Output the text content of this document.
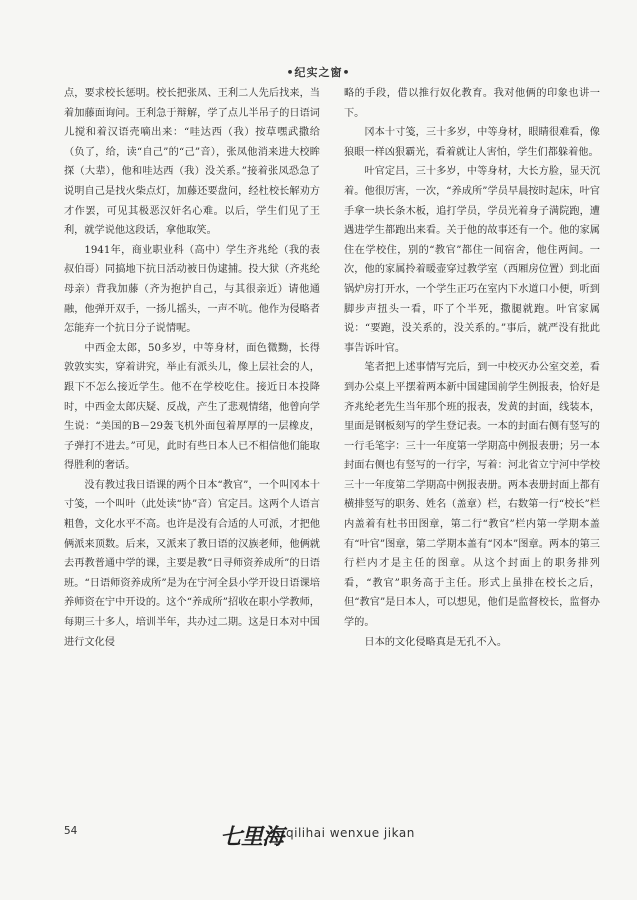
•纪实之窗•

点，要求校长惩明。校长把张凤、王利二人先后找来，当着加藤面询问。王利急于辩解，学了点儿半吊子的日语词儿搅和着汉语壳嘀出来：“哇达西（我）按草嘿武撒给（负了，给，读“自己”的“己”音），张凤他消来进大校眸探（大辈），他和哇达西（我）没关系。”接着张凤恐急了说明自己是找火柴点灯，加藤还要盘问，经杜校长解劝方才作罢，可见其极恶汉奸名心难。以后，学生们见了王利，就学说他这段话，拿他取笑。

1941年，商业职业科（高中）学生齐兆纶（我的表叔伯哥）同搞地下抗日活动被日伪逮捕。投大狱（齐兆纶母亲）背我加藤（齐为抱护自己，与其很亲近）请他通融，他弹开双手，一扬儿摇头，一声不吭。他作为侵略者怎能弃一个抗日分子说情呢。

中西金太郎，50多岁，中等身材，面色微黝，长得敦敦实实，穿着讲究，举止有派头儿，像上层社会的人，跟下不怎么接近学生。他不在学校吃住。接近日本投降时，中西金太郎庆疑、反战，产生了悲观情绪，他曾向学生说：“美国的B－29轰飞机外面包着厚厚的一层橡皮，子弹打不进去。”可见，此时有些日本人已不相信他们能取得胜利的奢话。

没有教过我日语课的两个日本“教官”，一个叫冈本十寸笺，一个叫叶（此处读“协”音）官定吕。这两个人语言粗鲁，文化水平不高。也许是没有合适的人可派，才把他俩派来顶数。后来，又派来了教日语的汉族老师，他俩就去再教普通中学的课，主要是教“日寻师资养成所”的日语班。“日语师资养成所”是为在宁河全县小学开设日语课培养师资在宁中开设的。这个“养成所”招收在职小学教师，每期三十多人，培训半年，共办过二期。这是日本对中国进行文化侵

略的手段，借以推行奴化教育。我对他俩的印象也讲一下。

冈本十寸笺，三十多岁，中等身材，眼睛很难看，像狼眼一样凶狠霸光，看着就让人害怕，学生们都躲着他。

叶官定吕，三十多岁，中等身材，大长方脸，显天沉着。他很厉害，一次，“养成所”学员早晨按时起床，叶官手拿一块长条木板，追打学员，学员光着身子满院跑，遭遇进学生都跑出来看。关于他的故事还有一个。他的家属住在学校住，别的“教官”都住一间宿舍，他住两间。一次，他的家属拎着暖壶穿过教学室（西厢房位置）到北面锅炉房打开水，一个学生正巧在室内下水道口小便，听到脚步声扭头一看，吓了个半死，撒腿就跑。叶官家属说：“要跑，没关系的，没关系的。”事后，就严没有批此事告诉叶官。

笔者把上述事情写完后，到一中校灭办公室交差，看到办公桌上平摆着两本新中国建国前学生例报表，恰好是齐兆纶老先生当年那个班的报表，发黄的封面，线装本，里面是钢板刻写的学生登记表。一本的封面右侧有竖写的一行毛笔字：三十一年度第一学期高中例报表册；另一本封面右侧也有竖写的一行字，写着：河北省立宁河中学校三十一年度第二学期高中例报表册。两本表册封面上都有横排竖写的职务、姓名（盖章）栏，右数第一行“校长”栏内盖着有杜书田图章，第二行“教官”栏内第一学期本盖有“叶官”图章，第二学期本盖有“冈本”图章。两本的第三行栏内才是主任的图章。从这个封面上的职务排列看，“教官”职务高于主任。形式上虽排在校长之后，但“教官”是日本人，可以想见，他们是监督校长，监督办学的。

日本的文化侵略真是无孔不入。

54	七里海 qilihai wenxue jikan
